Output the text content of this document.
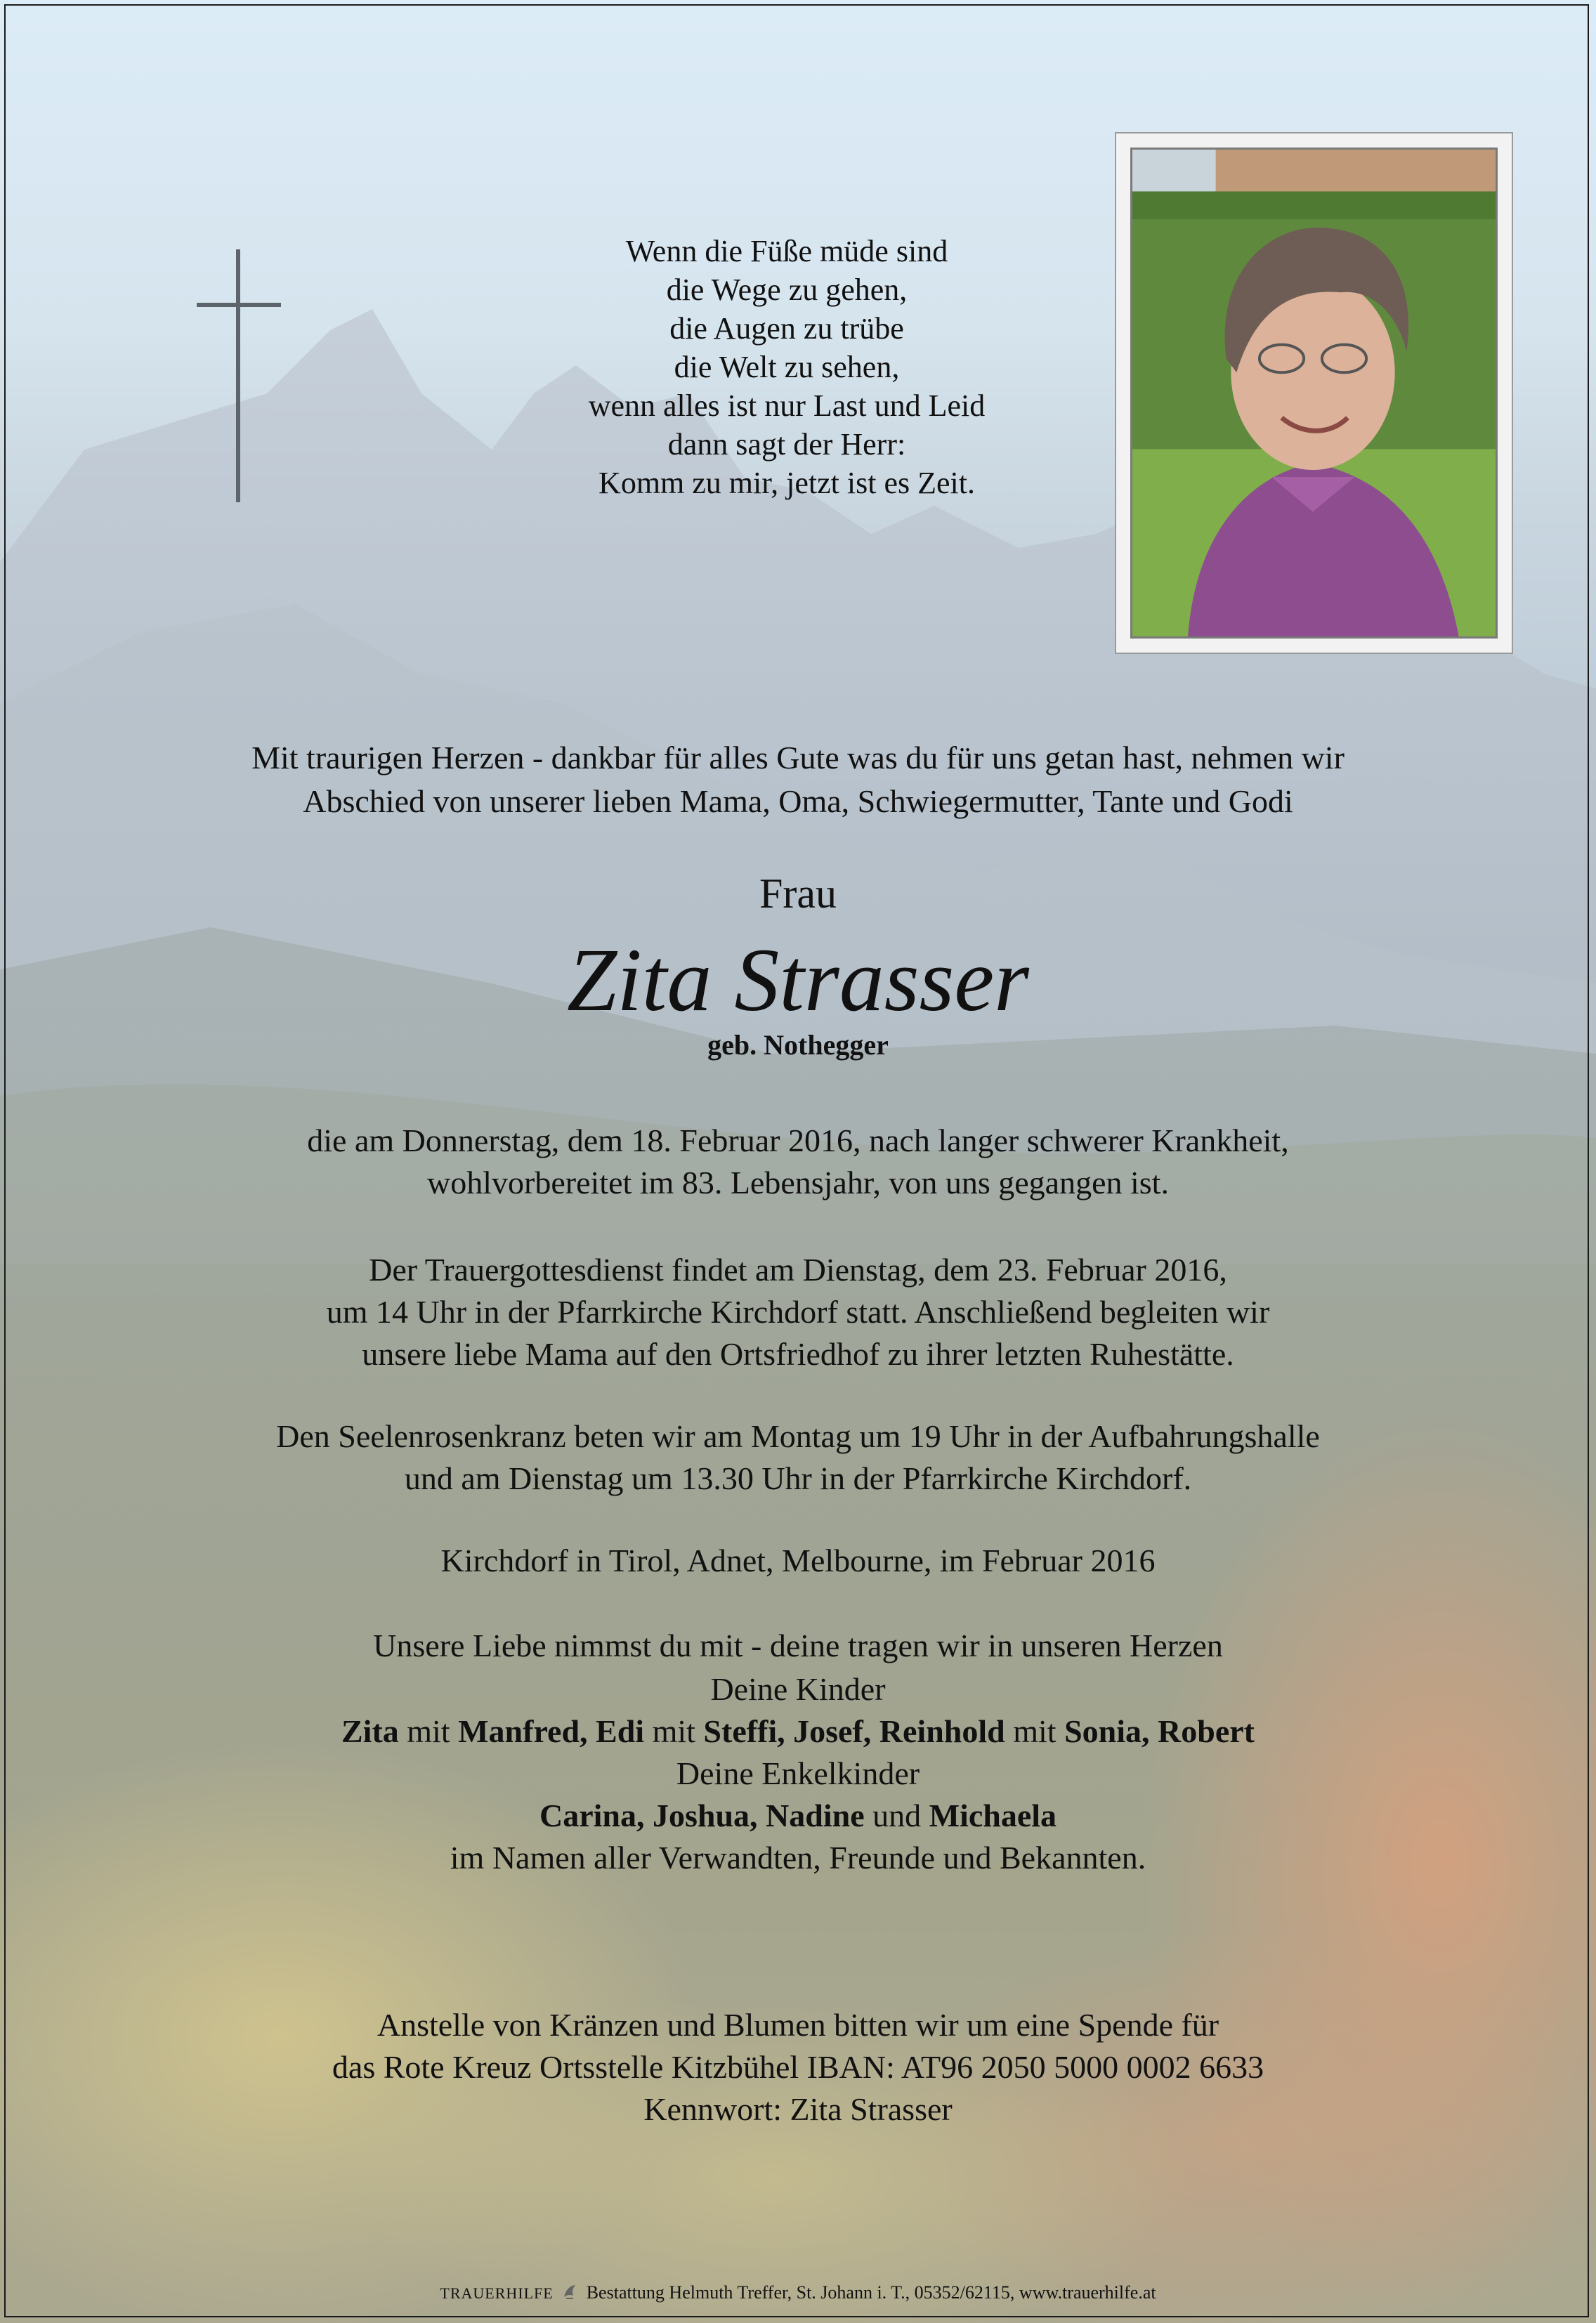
Wenn die Füße müde sind
die Wege zu gehen,
die Augen zu trübe
die Welt zu sehen,
wenn alles ist nur Last und Leid
dann sagt der Herr:
Komm zu mir, jetzt ist es Zeit.
Mit traurigen Herzen - dankbar für alles Gute was du für uns getan hast, nehmen wir
Abschied von unserer lieben Mama, Oma, Schwiegermutter, Tante und Godi
Frau
Zita Strasser
geb. Nothegger
die am Donnerstag, dem 18. Februar 2016, nach langer schwerer Krankheit,
wohlvorbereitet im 83. Lebensjahr, von uns gegangen ist.
Der Trauergottesdienst findet am Dienstag, dem 23. Februar 2016,
um 14 Uhr in der Pfarrkirche Kirchdorf statt. Anschließend begleiten wir
unsere liebe Mama auf den Ortsfriedhof zu ihrer letzten Ruhestätte.
Den Seelenrosenkranz beten wir am Montag um 19 Uhr in der Aufbahrungshalle
und am Dienstag um 13.30 Uhr in der Pfarrkirche Kirchdorf.
Kirchdorf in Tirol, Adnet, Melbourne, im Februar 2016
Unsere Liebe nimmst du mit - deine tragen wir in unseren Herzen
Deine Kinder
Zita mit Manfred, Edi mit Steffi, Josef, Reinhold mit Sonia, Robert
Deine Enkelkinder
Carina, Joshua, Nadine und Michaela
im Namen aller Verwandten, Freunde und Bekannten.
Anstelle von Kränzen und Blumen bitten wir um eine Spende für
das Rote Kreuz Ortsstelle Kitzbühel IBAN: AT96 2050 5000 0002 6633
Kennwort: Zita Strasser
TRAUERHILFE Bestattung Helmuth Treffer, St. Johann i. T., 05352/62115, www.trauerhilfe.at
